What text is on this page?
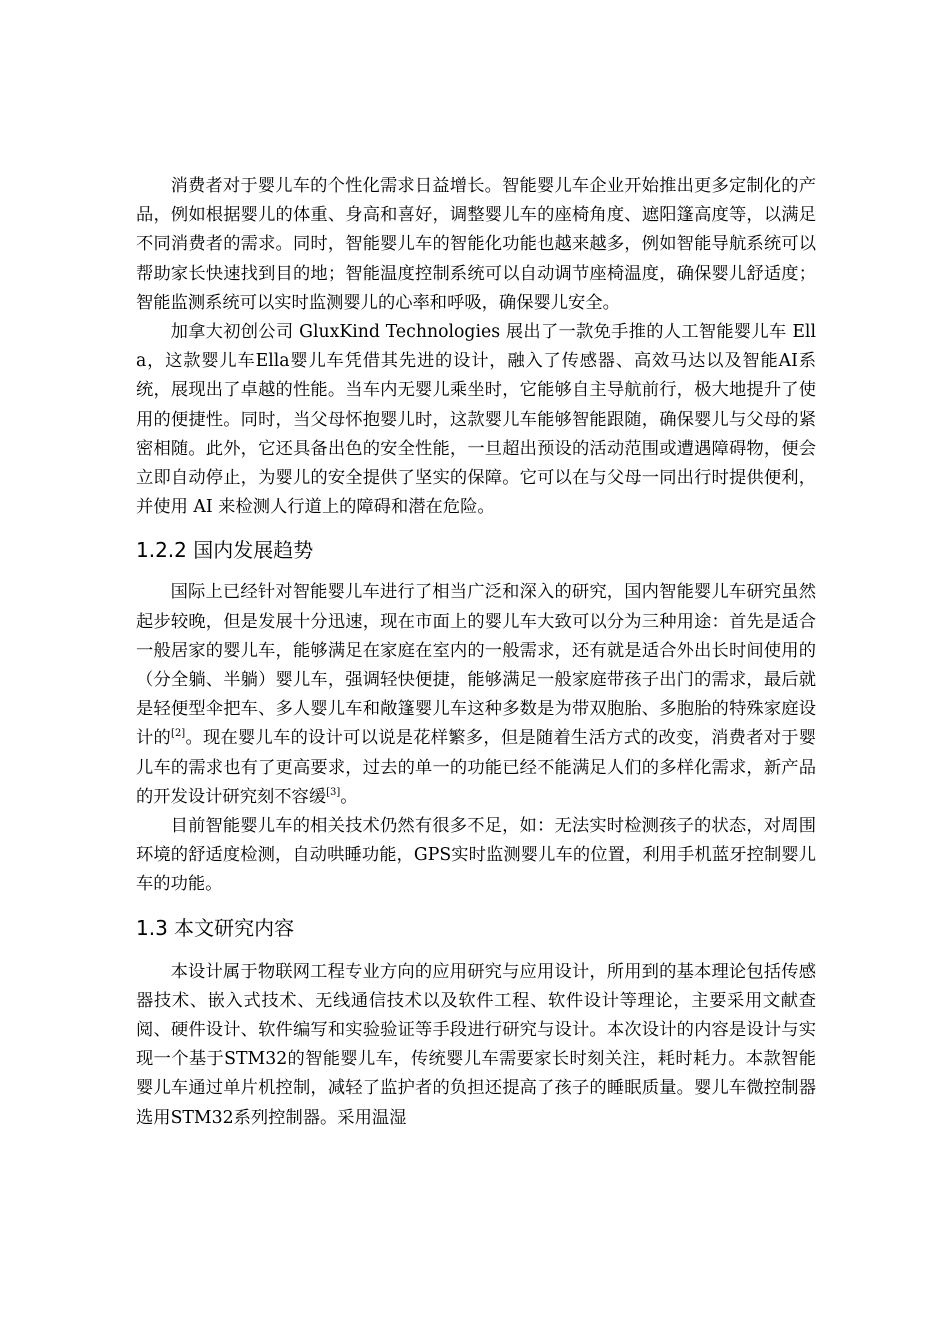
消费者对于婴儿车的个性化需求日益增长。智能婴儿车企业开始推出更多定制化的产品，例如根据婴儿的体重、身高和喜好，调整婴儿车的座椅角度、遮阳篷高度等，以满足不同消费者的需求。同时，智能婴儿车的智能化功能也越来越多，例如智能导航系统可以帮助家长快速找到目的地；智能温度控制系统可以自动调节座椅温度，确保婴儿舒适度；智能监测系统可以实时监测婴儿的心率和呼吸，确保婴儿安全。

加拿大初创公司 GluxKind Technologies 展出了一款免手推的人工智能婴儿车 Ella，这款婴儿车Ella婴儿车凭借其先进的设计，融入了传感器、高效马达以及智能AI系统，展现出了卓越的性能。当车内无婴儿乘坐时，它能够自主导航前行，极大地提升了使用的便捷性。同时，当父母怀抱婴儿时，这款婴儿车能够智能跟随，确保婴儿与父母的紧密相随。此外，它还具备出色的安全性能，一旦超出预设的活动范围或遭遇障碍物，便会立即自动停止，为婴儿的安全提供了坚实的保障。它可以在与父母一同出行时提供便利，并使用 AI 来检测人行道上的障碍和潜在危险。

1.2.2 国内发展趋势

国际上已经针对智能婴儿车进行了相当广泛和深入的研究，国内智能婴儿车研究虽然起步较晚，但是发展十分迅速，现在市面上的婴儿车大致可以分为三种用途：首先是适合一般居家的婴儿车，能够满足在家庭在室内的一般需求，还有就是适合外出长时间使用的（分全躺、半躺）婴儿车，强调轻快便捷，能够满足一般家庭带孩子出门的需求，最后就是轻便型伞把车、多人婴儿车和敞篷婴儿车这种多数是为带双胞胎、多胞胎的特殊家庭设计的[2]。现在婴儿车的设计可以说是花样繁多，但是随着生活方式的改变，消费者对于婴儿车的需求也有了更高要求，过去的单一的功能已经不能满足人们的多样化需求，新产品的开发设计研究刻不容缓[3]。

目前智能婴儿车的相关技术仍然有很多不足，如：无法实时检测孩子的状态，对周围环境的舒适度检测，自动哄睡功能，GPS实时监测婴儿车的位置，利用手机蓝牙控制婴儿车的功能。

1.3 本文研究内容

本设计属于物联网工程专业方向的应用研究与应用设计，所用到的基本理论包括传感器技术、嵌入式技术、无线通信技术以及软件工程、软件设计等理论，主要采用文献查阅、硬件设计、软件编写和实验验证等手段进行研究与设计。本次设计的内容是设计与实现一个基于STM32的智能婴儿车，传统婴儿车需要家长时刻关注，耗时耗力。本款智能婴儿车通过单片机控制，减轻了监护者的负担还提高了孩子的睡眠质量。婴儿车微控制器选用STM32系列控制器。采用温湿
